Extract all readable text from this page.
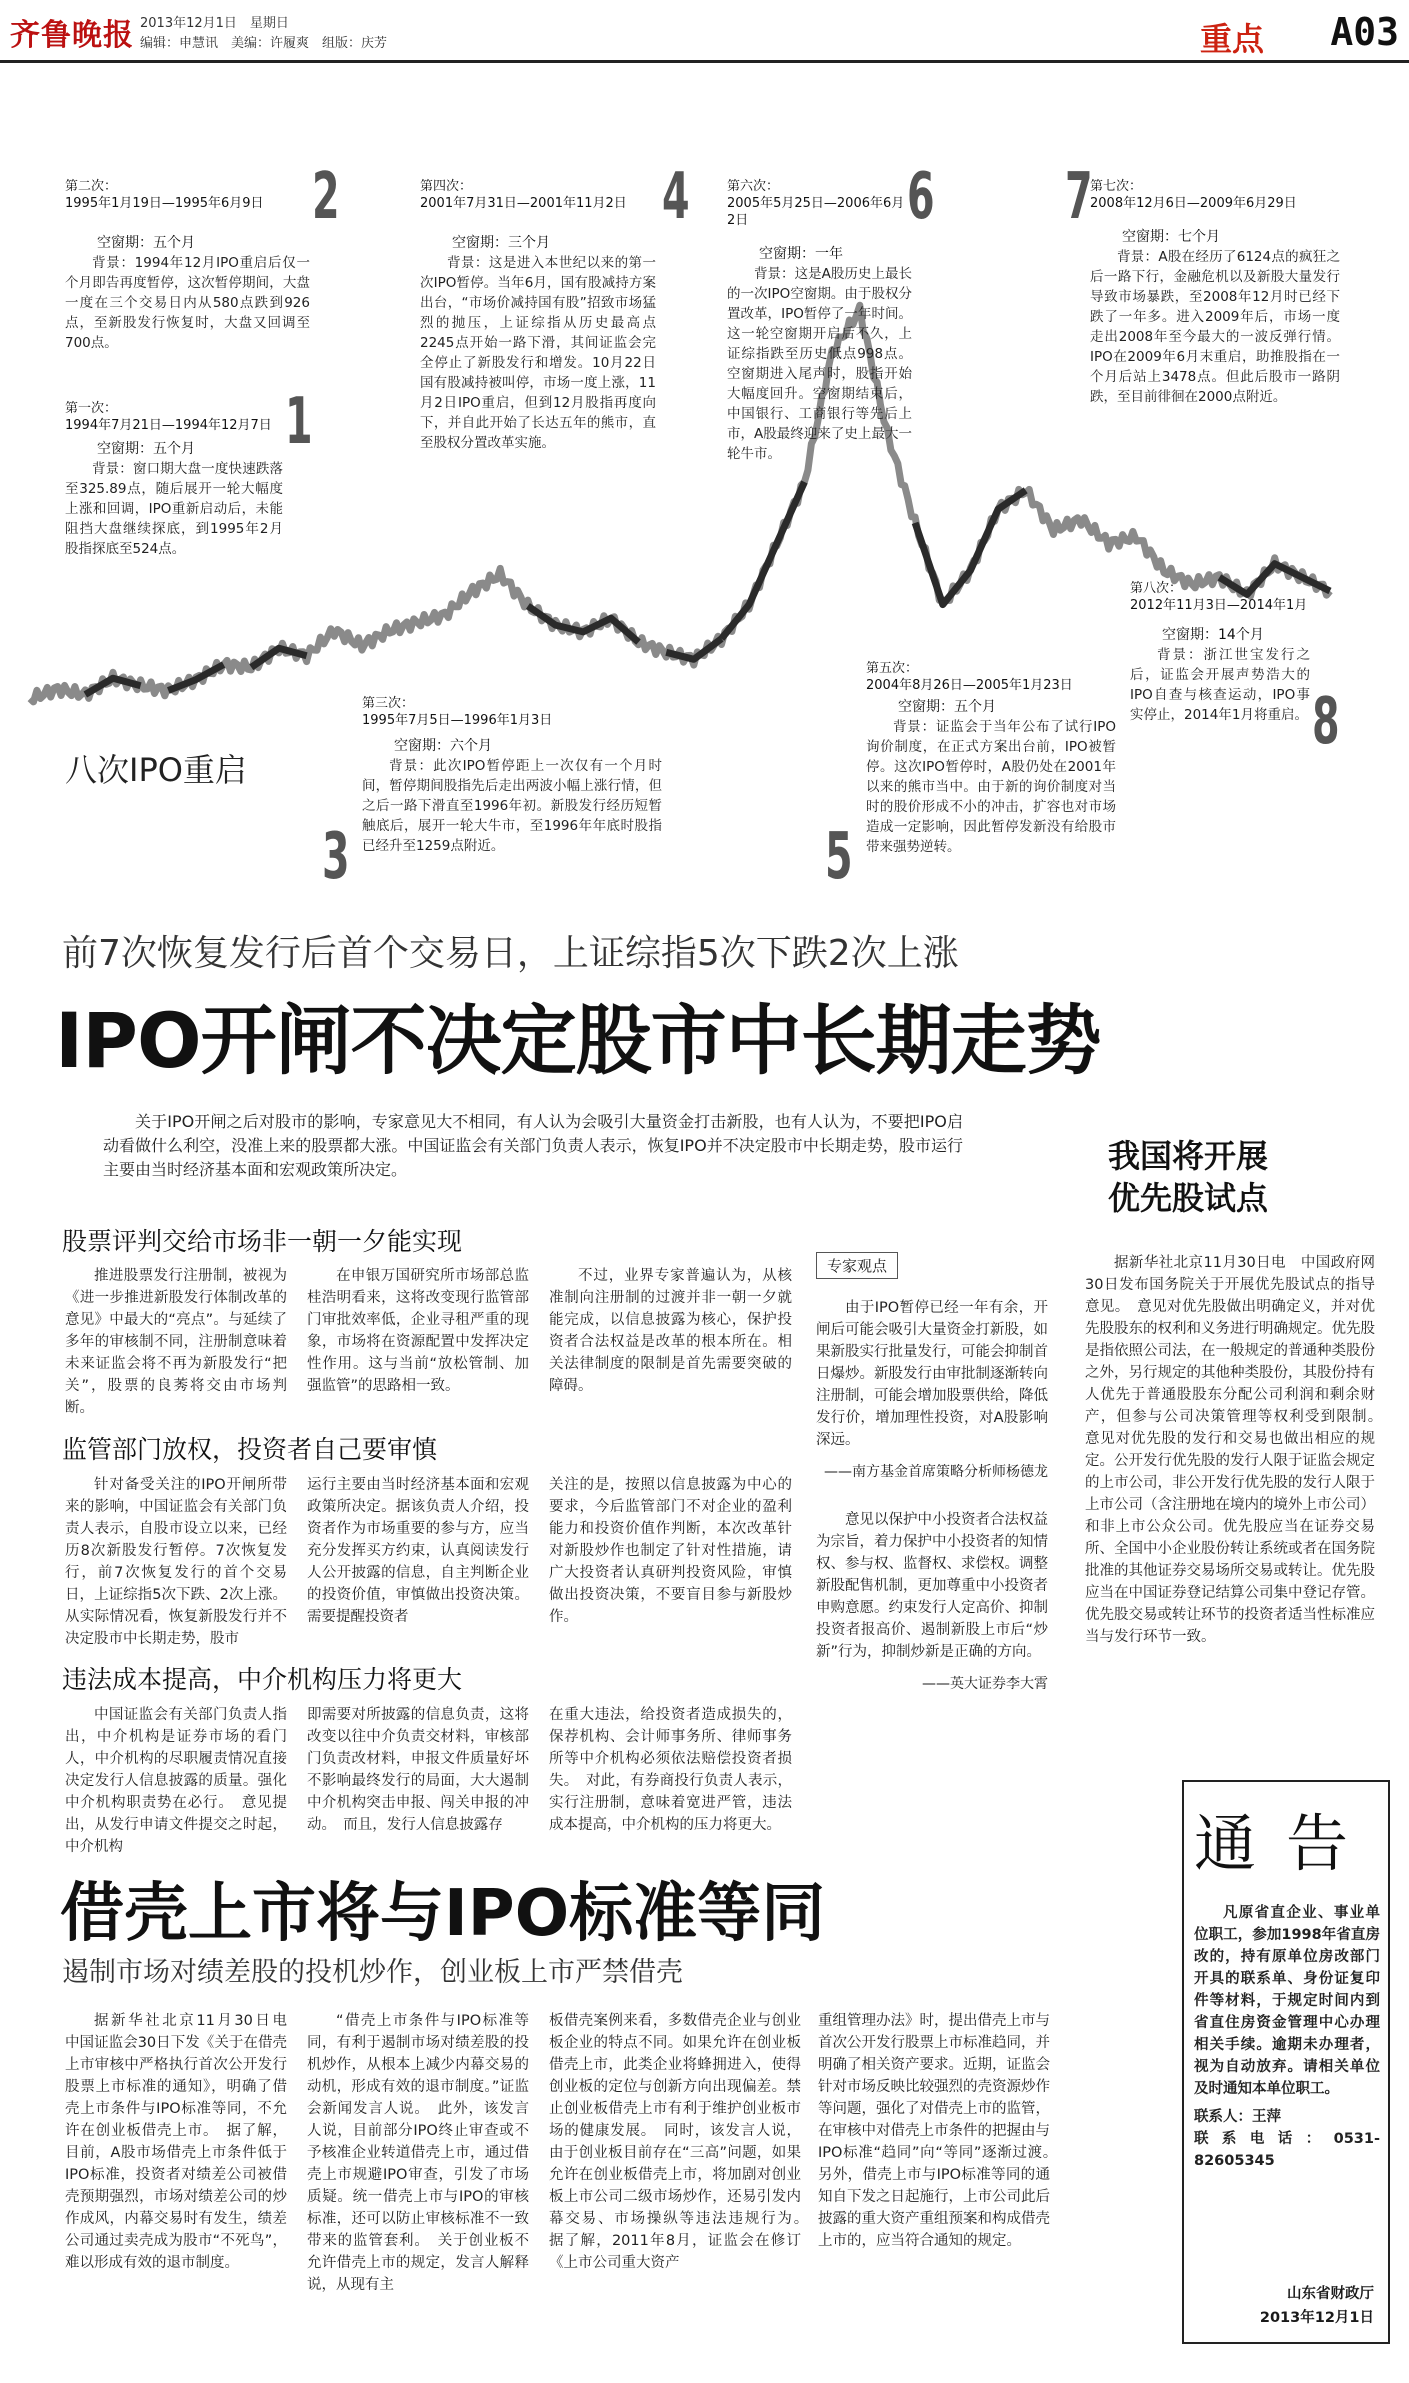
齐鲁晚报 2013年12月1日　星期日
编辑：申慧讯　美编：许履爽　组版：庆芳	重点 A03
八次IPO重启
第二次：
1995年1月19日—1995年6月9日
空窗期：五个月
背景：1994年12月IPO重启后仅一个月即告再度暂停，这次暂停期间，大盘一度在三个交易日内从580点跌到926点，至新股发行恢复时，大盘又回调至700点。
2
第一次：
1994年7月21日—1994年12月7日
空窗期：五个月
背景：窗口期大盘一度快速跌落至325.89点，随后展开一轮大幅度上涨和回调，IPO重新启动后，未能阻挡大盘继续探底，到1995年2月股指探底至524点。
1
第四次：
2001年7月31日—2001年11月2日
空窗期：三个月
背景：这是进入本世纪以来的第一次IPO暂停。当年6月，国有股减持方案出台，“市场价减持国有股”招致市场猛烈的抛压，上证综指从历史最高点2245点开始一路下滑，其间证监会完全停止了新股发行和增发。10月22日国有股减持被叫停，市场一度上涨，11月2日IPO重启，但到12月股指再度向下，并自此开始了长达五年的熊市，直至股权分置改革实施。
4
第三次：
1995年7月5日—1996年1月3日
空窗期：六个月
背景：此次IPO暂停距上一次仅有一个月时间，暂停期间股指先后走出两波小幅上涨行情，但之后一路下滑直至1996年初。新股发行经历短暂触底后，展开一轮大牛市，至1996年年底时股指已经升至1259点附近。
3
第六次：
2005年5月25日—2006年6月2日
空窗期：一年
背景：这是A股历史上最长的一次IPO空窗期。由于股权分置改革，IPO暂停了一年时间。这一轮空窗期开启后不久，上证综指跌至历史低点998点。空窗期进入尾声时，股指开始大幅度回升。空窗期结束后，中国银行、工商银行等先后上市，A股最终迎来了史上最大一轮牛市。
6
第五次：
2004年8月26日—2005年1月23日
空窗期：五个月
背景：证监会于当年公布了试行IPO询价制度，在正式方案出台前，IPO被暂停。这次IPO暂停时，A股仍处在2001年以来的熊市当中。由于新的询价制度对当时的股价形成不小的冲击，扩容也对市场造成一定影响，因此暂停发新没有给股市带来强势逆转。
5
7
第七次：
2008年12月6日—2009年6月29日
空窗期：七个月
背景：A股在经历了6124点的疯狂之后一路下行，金融危机以及新股大量发行导致市场暴跌，至2008年12月时已经下跌了一年多。进入2009年后，市场一度走出2008年至今最大的一波反弹行情。IPO在2009年6月末重启，助推股指在一个月后站上3478点。但此后股市一路阴跌，至目前徘徊在2000点附近。
第八次：
2012年11月3日—2014年1月
空窗期：14个月
背景：浙江世宝发行之后，证监会开展声势浩大的IPO自查与核查运动，IPO事实停止，2014年1月将重启。 8
前7次恢复发行后首个交易日，上证综指5次下跌2次上涨
IPO开闸不决定股市中长期走势
关于IPO开闸之后对股市的影响，专家意见大不相同，有人认为会吸引大量资金打击新股，也有人认为，不要把IPO启动看做什么利空，没准上来的股票都大涨。中国证监会有关部门负责人表示，恢复IPO并不决定股市中长期走势，股市运行主要由当时经济基本面和宏观政策所决定。
股票评判交给市场非一朝一夕能实现

推进股票发行注册制，被视为《进一步推进新股发行体制改革的意见》中最大的“亮点”。与延续了多年的审核制不同，注册制意味着未来证监会将不再为新股发行“把关”，股票的良莠将交由市场判断。

在申银万国研究所市场部总监桂浩明看来，这将改变现行监管部门审批效率低，企业寻租严重的现象，市场将在资源配置中发挥决定性作用。这与当前“放松管制、加强监管”的思路相一致。

不过，业界专家普遍认为，从核准制向注册制的过渡并非一朝一夕就能完成，以信息披露为核心，保护投资者合法权益是改革的根本所在。相关法律制度的限制是首先需要突破的障碍。

监管部门放权，投资者自己要审慎

针对备受关注的IPO开闸所带来的影响，中国证监会有关部门负责人表示，自股市设立以来，已经历8次新股发行暂停。7次恢复发行，前7次恢复发行的首个交易日，上证综指5次下跌、2次上涨。从实际情况看，恢复新股发行并不决定股市中长期走势，股市

运行主要由当时经济基本面和宏观政策所决定。据该负责人介绍，投资者作为市场重要的参与方，应当充分发挥买方约束，认真阅读发行人公开披露的信息，自主判断企业的投资价值，审慎做出投资决策。需要提醒投资者

关注的是，按照以信息披露为中心的要求，今后监管部门不对企业的盈利能力和投资价值作判断，本次改革针对新股炒作也制定了针对性措施，请广大投资者认真研判投资风险，审慎做出投资决策，不要盲目参与新股炒作。

违法成本提高，中介机构压力将更大

中国证监会有关部门负责人指出，中介机构是证券市场的看门人，中介机构的尽职履责情况直接决定发行人信息披露的质量。强化中介机构职责势在必行。　意见提出，从发行申请文件提交之时起，中介机构

即需要对所披露的信息负责，这将改变以往中介负责交材料，审核部门负责改材料，申报文件质量好坏不影响最终发行的局面，大大遏制中介机构突击申报、闯关申报的冲动。　而且，发行人信息披露存

在重大违法，给投资者造成损失的，保荐机构、会计师事务所、律师事务所等中介机构必须依法赔偿投资者损失。　对此，有券商投行负责人表示，实行注册制，意味着宽进严管，违法成本提高，中介机构的压力将更大。

专家观点

由于IPO暂停已经一年有余，开闸后可能会吸引大量资金打新股，如果新股实行批量发行，可能会抑制首日爆炒。新股发行由审批制逐渐转向注册制，可能会增加股票供给，降低发行价，增加理性投资，对A股影响深远。

——南方基金首席策略分析师杨德龙

意见以保护中小投资者合法权益为宗旨，着力保护中小投资者的知情权、参与权、监督权、求偿权。调整新股配售机制，更加尊重中小投资者申购意愿。约束发行人定高价、抑制投资者报高价、遏制新股上市后“炒新”行为，抑制炒新是正确的方向。

——英大证券李大霄
我国将开展优先股试点

据新华社北京11月30日电　中国政府网30日发布国务院关于开展优先股试点的指导意见。　意见对优先股做出明确定义，并对优先股股东的权利和义务进行明确规定。优先股是指依照公司法，在一般规定的普通种类股份之外，另行规定的其他种类股份，其股份持有人优先于普通股股东分配公司利润和剩余财产，但参与公司决策管理等权利受到限制。　意见对优先股的发行和交易也做出相应的规定。公开发行优先股的发行人限于证监会规定的上市公司，非公开发行优先股的发行人限于上市公司（含注册地在境内的境外上市公司）和非上市公众公司。优先股应当在证券交易所、全国中小企业股份转让系统或者在国务院批准的其他证券交易场所交易或转让。优先股应当在中国证券登记结算公司集中登记存管。优先股交易或转让环节的投资者适当性标准应当与发行环节一致。

通告
凡原省直企业、事业单位职工，参加1998年省直房改的，持有原单位房改部门开具的联系单、身份证复印件等材料，于规定时间内到省直住房资金管理中心办理相关手续。逾期未办理者，视为自动放弃。请相关单位及时通知本单位职工。
联系人：王萍
联系电话：0531-82605345
山东省财政厅
2013年12月1日
借壳上市将与IPO标准等同
遏制市场对绩差股的投机炒作，创业板上市严禁借壳

据新华社北京11月30日电　中国证监会30日下发《关于在借壳上市审核中严格执行首次公开发行股票上市标准的通知》，明确了借壳上市条件与IPO标准等同，不允许在创业板借壳上市。　据了解，目前，A股市场借壳上市条件低于IPO标准，投资者对绩差公司被借壳预期强烈，市场对绩差公司的炒作成风，内幕交易时有发生，绩差公司通过卖壳成为股市“不死鸟”，难以形成有效的退市制度。

“借壳上市条件与IPO标准等同，有利于遏制市场对绩差股的投机炒作，从根本上减少内幕交易的动机，形成有效的退市制度。”证监会新闻发言人说。　此外，该发言人说，目前部分IPO终止审查或不予核准企业转道借壳上市，通过借壳上市规避IPO审查，引发了市场质疑。统一借壳上市与IPO的审核标准，还可以防止审核标准不一致带来的监管套利。　关于创业板不允许借壳上市的规定，发言人解释说，从现有主

板借壳案例来看，多数借壳企业与创业板企业的特点不同。如果允许在创业板借壳上市，此类企业将蜂拥进入，使得创业板的定位与创新方向出现偏差。禁止创业板借壳上市有利于维护创业板市场的健康发展。　同时，该发言人说，由于创业板目前存在“三高”问题，如果允许在创业板借壳上市，将加剧对创业板上市公司二级市场炒作，还易引发内幕交易、市场操纵等违法违规行为。　据了解，2011年8月，证监会在修订《上市公司重大资产

重组管理办法》时，提出借壳上市与首次公开发行股票上市标准趋同，并明确了相关资产要求。近期，证监会针对市场反映比较强烈的壳资源炒作等问题，强化了对借壳上市的监管，在审核中对借壳上市条件的把握由与IPO标准“趋同”向“等同”逐渐过渡。　另外，借壳上市与IPO标准等同的通知自下发之日起施行，上市公司此后披露的重大资产重组预案和构成借壳上市的，应当符合通知的规定。
